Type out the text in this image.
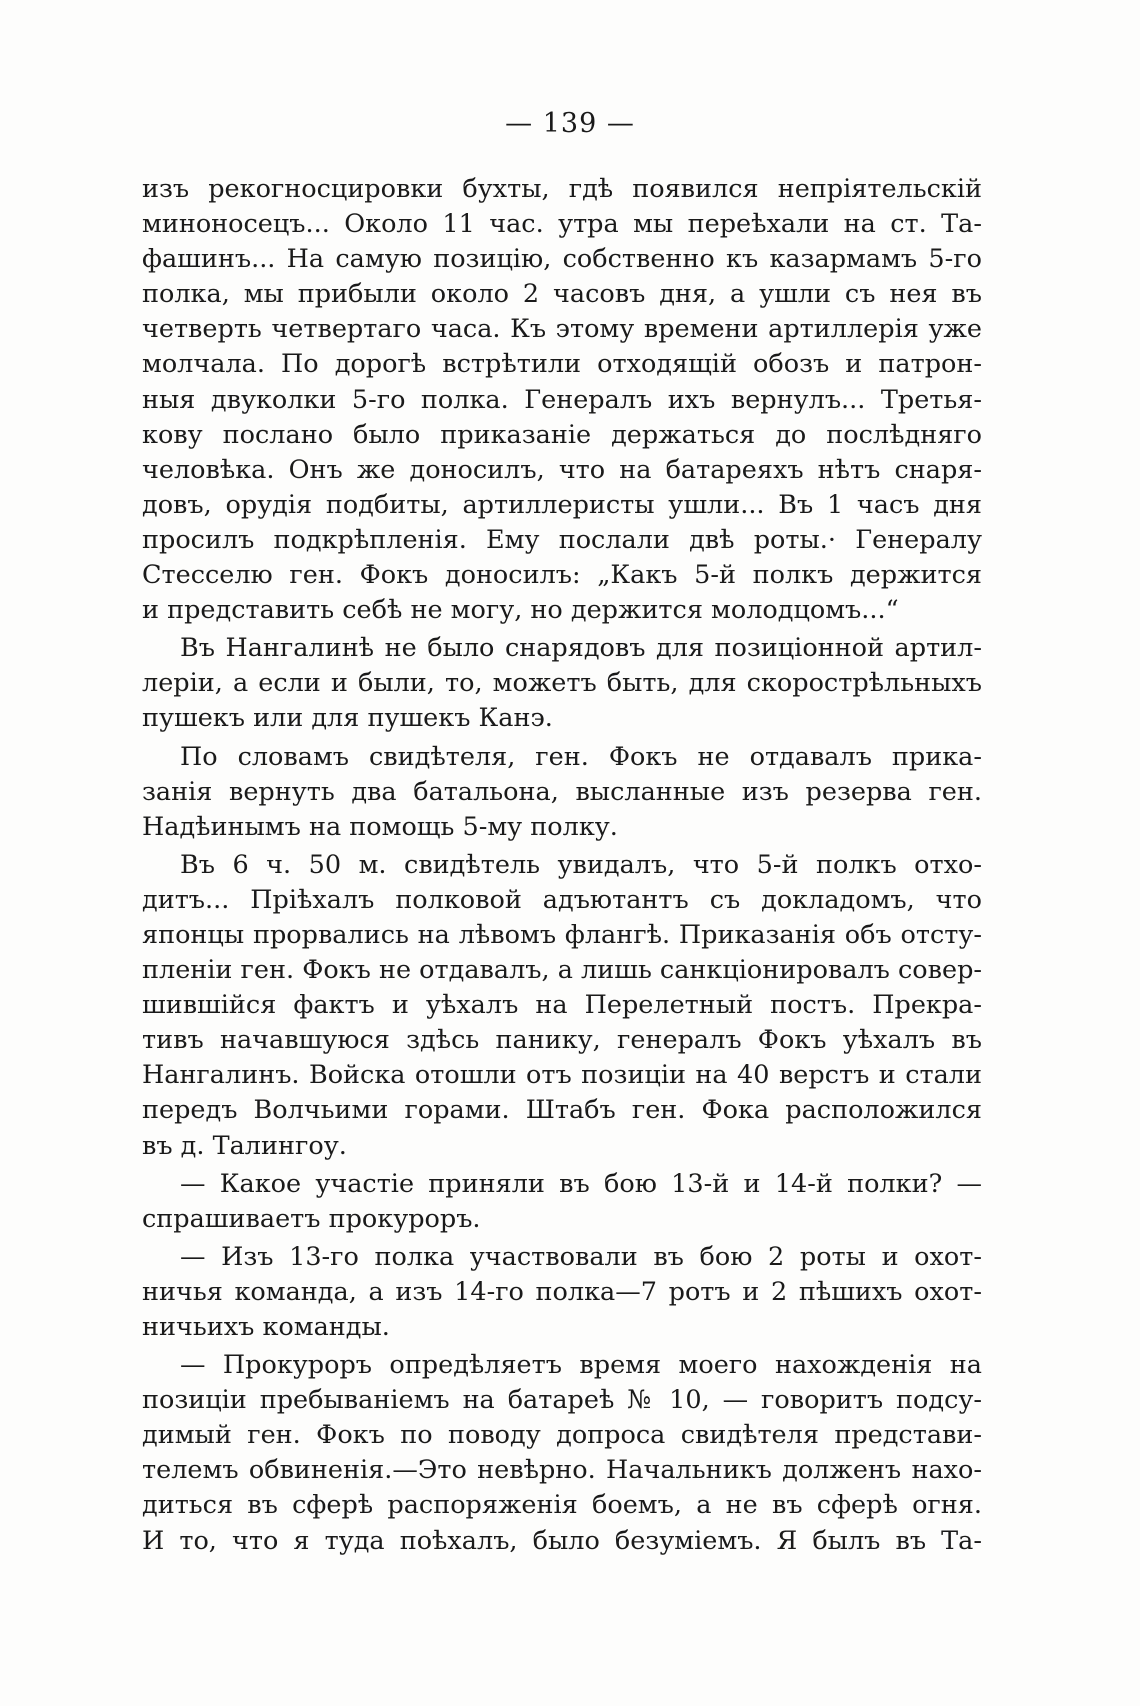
— 139 —
изъ рекогносцировки бухты, гдѣ появился непріятельскій
миноносецъ... Около 11 час. утра мы переѣхали на ст. Та-
фашинъ... На самую позицію, собственно къ казармамъ 5-го
полка, мы прибыли около 2 часовъ дня, а ушли съ нея въ
четверть четвертаго часа. Къ этому времени артиллерія уже
молчала. По дорогѣ встрѣтили отходящій обозъ и патрон-
ныя двуколки 5-го полка. Генералъ ихъ вернулъ... Третья-
кову послано было приказаніе держаться до послѣдняго
человѣка. Онъ же доносилъ, что на батареяхъ нѣтъ снаря-
довъ, орудія подбиты, артиллеристы ушли... Въ 1 часъ дня
просилъ подкрѣпленія. Ему послали двѣ роты.· Генералу
Стесселю ген. Фокъ доносилъ: „Какъ 5-й полкъ держится
и представить себѣ не могу, но держится молодцомъ...“
Въ Нангалинѣ не было снарядовъ для позиціонной артил-
леріи, а если и были, то, можетъ быть, для скорострѣльныхъ
пушекъ или для пушекъ Канэ.
По словамъ свидѣтеля, ген. Фокъ не отдавалъ прика-
занія вернуть два батальона, высланные изъ резерва ген.
Надѣинымъ на помощь 5-му полку.
Въ 6 ч. 50 м. свидѣтель увидалъ, что 5-й полкъ отхо-
дитъ... Пріѣхалъ полковой адъютантъ съ докладомъ, что
японцы прорвались на лѣвомъ флангѣ. Приказанія объ отсту-
пленіи ген. Фокъ не отдавалъ, а лишь санкціонировалъ совер-
шившійся фактъ и уѣхалъ на Перелетный постъ. Прекра-
тивъ начавшуюся здѣсь панику, генералъ Фокъ уѣхалъ въ
Нангалинъ. Войска отошли отъ позиціи на 40 верстъ и стали
передъ Волчьими горами. Штабъ ген. Фока расположился
въ д. Талингоу.
— Какое участіе приняли въ бою 13-й и 14-й полки? —
спрашиваетъ прокуроръ.
— Изъ 13-го полка участвовали въ бою 2 роты и охот-
ничья команда, а изъ 14-го полка—7 ротъ и 2 пѣшихъ охот-
ничьихъ команды.
— Прокуроръ опредѣляетъ время моего нахожденія на
позиціи пребываніемъ на батареѣ № 10, — говоритъ подсу-
димый ген. Фокъ по поводу допроса свидѣтеля представи-
телемъ обвиненія.—Это невѣрно. Начальникъ долженъ нахо-
диться въ сферѣ распоряженія боемъ, а не въ сферѣ огня.
И то, что я туда поѣхалъ, было безуміемъ. Я былъ въ Та-
